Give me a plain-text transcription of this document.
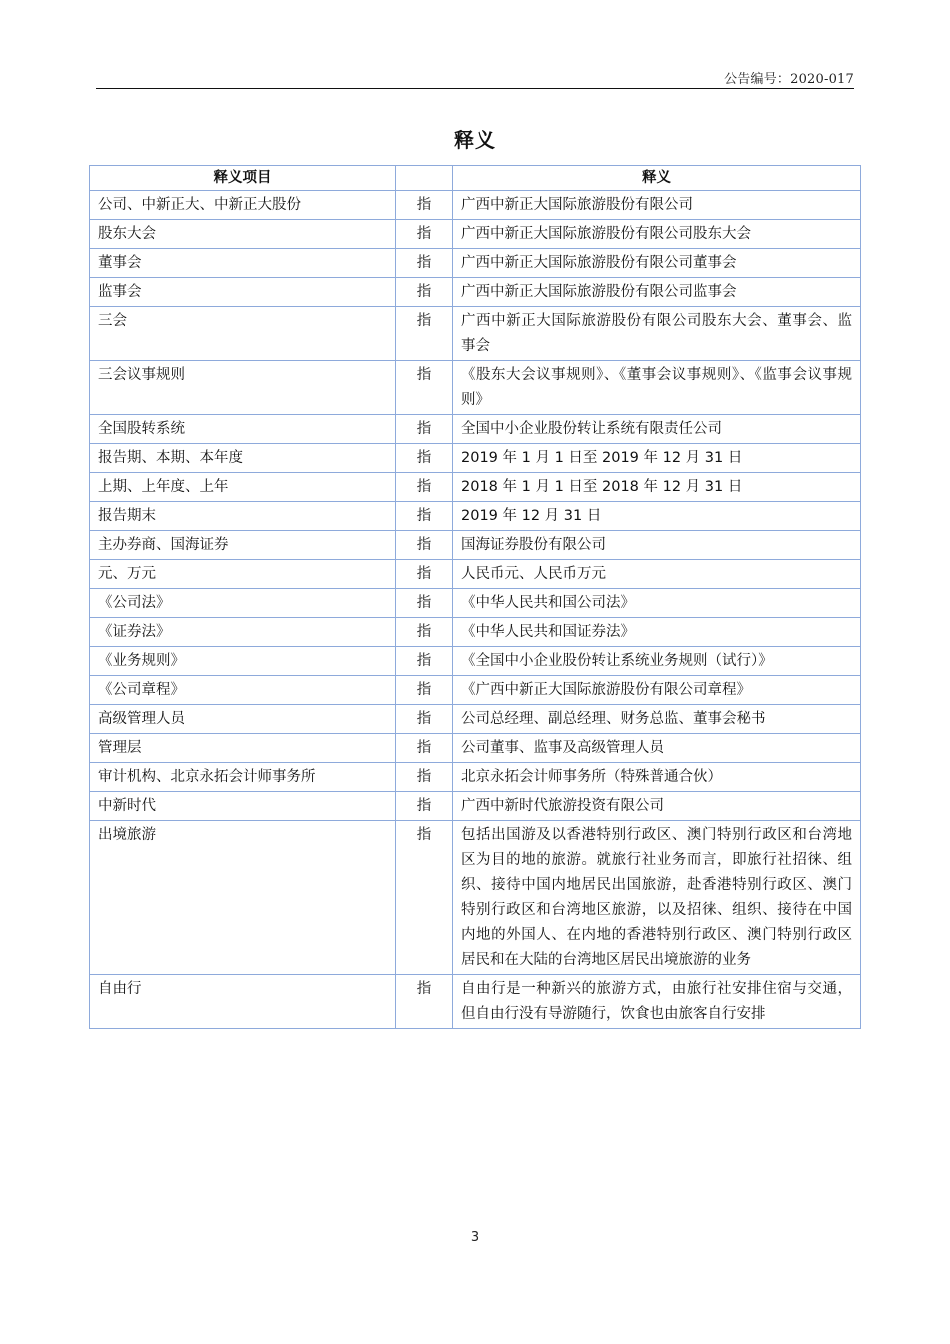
公告编号：2020-017
释义
释义项目		释义
公司、中新正大、中新正大股份	指	广西中新正大国际旅游股份有限公司
股东大会	指	广西中新正大国际旅游股份有限公司股东大会
董事会	指	广西中新正大国际旅游股份有限公司董事会
监事会	指	广西中新正大国际旅游股份有限公司监事会
三会	指	广西中新正大国际旅游股份有限公司股东大会、董事会、监事会
三会议事规则	指	《股东大会议事规则》、《董事会议事规则》、《监事会议事规则》
全国股转系统	指	全国中小企业股份转让系统有限责任公司
报告期、本期、本年度	指	2019 年 1 月 1 日至 2019 年 12 月 31 日
上期、上年度、上年	指	2018 年 1 月 1 日至 2018 年 12 月 31 日
报告期末	指	2019 年 12 月 31 日
主办券商、国海证券	指	国海证券股份有限公司
元、万元	指	人民币元、人民币万元
《公司法》	指	《中华人民共和国公司法》
《证券法》	指	《中华人民共和国证券法》
《业务规则》	指	《全国中小企业股份转让系统业务规则（试行）》
《公司章程》	指	《广西中新正大国际旅游股份有限公司章程》
高级管理人员	指	公司总经理、副总经理、财务总监、董事会秘书
管理层	指	公司董事、监事及高级管理人员
审计机构、北京永拓会计师事务所	指	北京永拓会计师事务所（特殊普通合伙）
中新时代	指	广西中新时代旅游投资有限公司
出境旅游	指	包括出国游及以香港特别行政区、澳门特别行政区和台湾地区为目的地的旅游。就旅行社业务而言，即旅行社招徕、组织、接待中国内地居民出国旅游，赴香港特别行政区、澳门特别行政区和台湾地区旅游，以及招徕、组织、接待在中国内地的外国人、在内地的香港特别行政区、澳门特别行政区居民和在大陆的台湾地区居民出境旅游的业务
自由行	指	自由行是一种新兴的旅游方式，由旅行社安排住宿与交通，但自由行没有导游随行，饮食也由旅客自行安排
3
